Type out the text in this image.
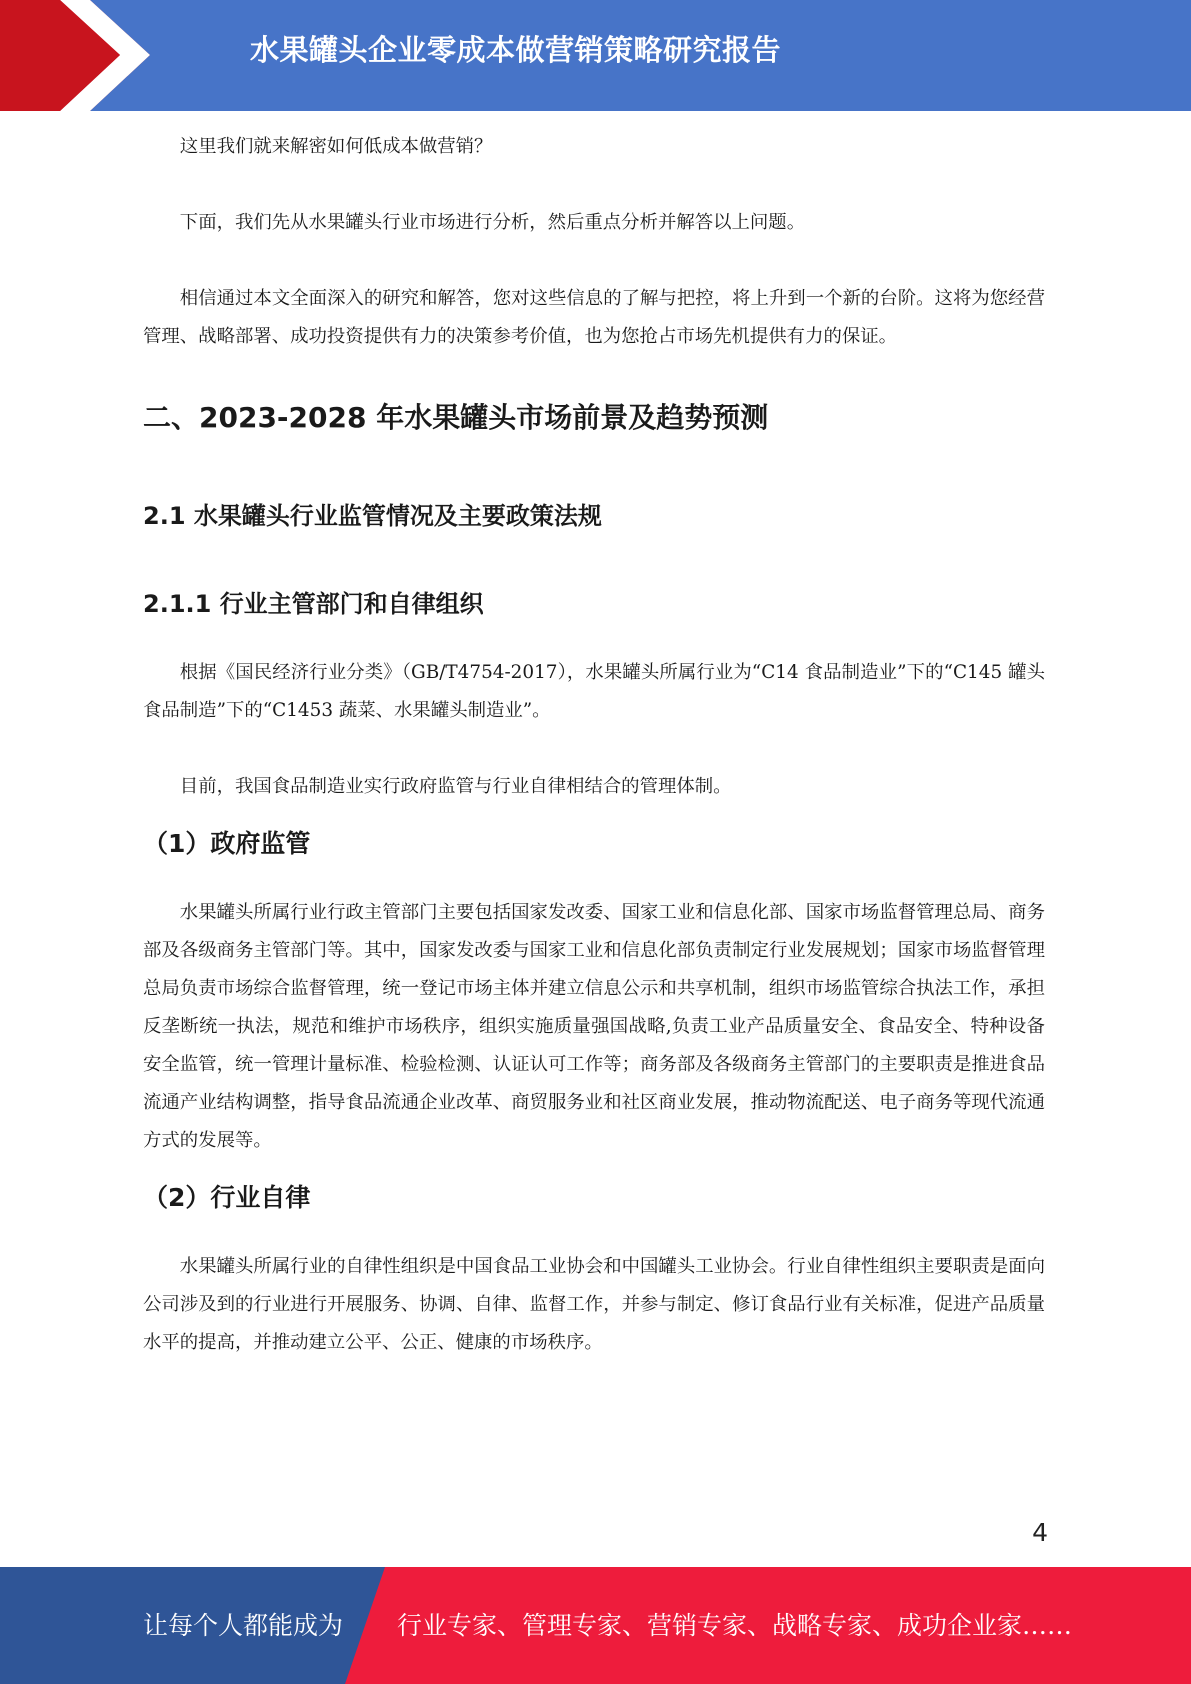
水果罐头企业零成本做营销策略研究报告

这里我们就来解密如何低成本做营销？

下面，我们先从水果罐头行业市场进行分析，然后重点分析并解答以上问题。

相信通过本文全面深入的研究和解答，您对这些信息的了解与把控，将上升到一个新的台阶。这将为您经营管理、战略部署、成功投资提供有力的决策参考价值，也为您抢占市场先机提供有力的保证。

二、2023-2028 年水果罐头市场前景及趋势预测
2.1 水果罐头行业监管情况及主要政策法规
2.1.1 行业主管部门和自律组织

根据《国民经济行业分类》（GB/T4754-2017），水果罐头所属行业为“C14 食品制造业”下的“C145 罐头食品制造”下的“C1453 蔬菜、水果罐头制造业”。

目前，我国食品制造业实行政府监管与行业自律相结合的管理体制。

（1）政府监管

水果罐头所属行业行政主管部门主要包括国家发改委、国家工业和信息化部、国家市场监督管理总局、商务部及各级商务主管部门等。其中，国家发改委与国家工业和信息化部负责制定行业发展规划；国家市场监督管理总局负责市场综合监督管理，统一登记市场主体并建立信息公示和共享机制，组织市场监管综合执法工作，承担反垄断统一执法，规范和维护市场秩序，组织实施质量强国战略,负责工业产品质量安全、食品安全、特种设备安全监管，统一管理计量标准、检验检测、认证认可工作等；商务部及各级商务主管部门的主要职责是推进食品流通产业结构调整，指导食品流通企业改革、商贸服务业和社区商业发展，推动物流配送、电子商务等现代流通方式的发展等。

（2）行业自律

水果罐头所属行业的自律性组织是中国食品工业协会和中国罐头工业协会。行业自律性组织主要职责是面向公司涉及到的行业进行开展服务、协调、自律、监督工作，并参与制定、修订食品行业有关标准，促进产品质量水平的提高，并推动建立公平、公正、健康的市场秩序。

4
让每个人都能成为 行业专家、管理专家、营销专家、战略专家、成功企业家……
